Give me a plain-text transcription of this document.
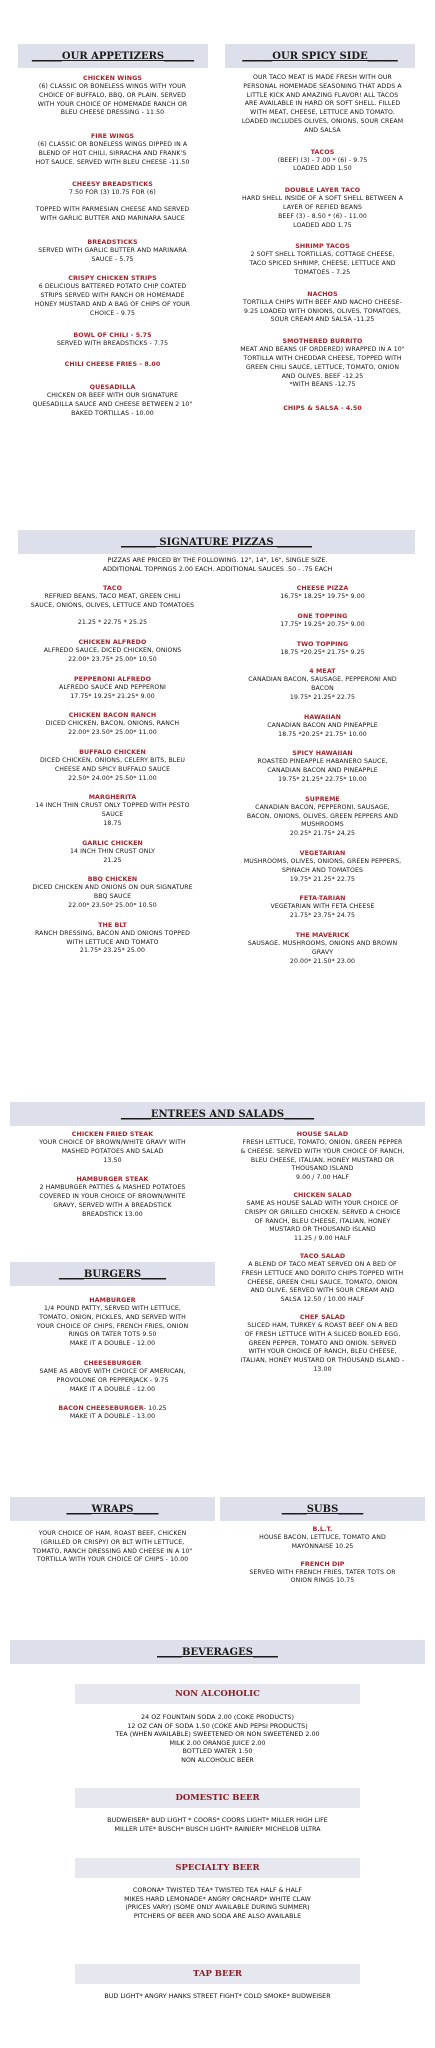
______OUR APPETIZERS______	______OUR SPICY SIDE______
CHICKEN WINGS
(6) CLASSIC OR BONELESS WINGS WITH YOUR
CHOICE OF BUFFALO, BBQ, OR PLAIN. SERVED
WITH YOUR CHOICE OF HOMEMADE RANCH OR
BLEU CHEESE DRESSING - 11.50
FIRE WINGS
(6) CLASSIC OR BONELESS WINGS DIPPED IN A
BLEND OF HOT CHILI, SIRRACHA AND FRANK'S
HOT SAUCE. SERVED WITH BLEU CHEESE -11.50
CHEESY BREADSTICKS
7.50 FOR (3) 10.75 FOR (6)

TOPPED WITH PARMESIAN CHEESE AND SERVED
WITH GARLIC BUTTER AND MARINARA SAUCE
BREADSTICKS
SERVED WITH GARLIC BUTTER AND MARINARA
SAUCE - 5.75
CRISPY CHICKEN STRIPS
6 DELICIOUS BATTERED POTATO CHIP COATED
STRIPS SERVED WITH RANCH OR HOMEMADE
HONEY MUSTARD AND A BAG OF CHIPS OF YOUR
CHOICE - 9.75
BOWL OF CHILI - 5.75
SERVED WITH BREADSTICKS - 7.75
CHILI CHEESE FRIES - 8.00
QUESADILLA
CHICKEN OR BEEF WITH OUR SIGNATURE
QUESADILLA SAUCE AND CHEESE BETWEEN 2 10"
BAKED TORTILLAS - 10.00
OUR TACO MEAT IS MADE FRESH WITH OUR
PERSONAL HOMEMADE SEASONING THAT ADDS A
LITTLE KICK AND AMAZING FLAVOR! ALL TACOS
ARE AVAILABLE IN HARD OR SOFT SHELL. FILLED
WITH MEAT, CHEESE, LETTUCE AND TOMATO.
LOADED INCLUDES OLIVES, ONIONS, SOUR CREAM
AND SALSA
TACOS
(BEEF) (3) - 7.00 * (6) - 9.75
LOADED ADD 1.50
DOUBLE LAYER TACO
HARD SHELL INSIDE OF A SOFT SHELL BETWEEN A
LAYER OF REFIED BEANS
BEEF (3) - 8.50 * (6) - 11.00
LOADED ADD 1.75
SHRIMP TACOS
2 SOFT SHELL TORTILLAS, COTTAGE CHEESE,
TACO SPICED SHRIMP, CHEESE, LETTUCE AND
TOMATOES - 7.25
NACHOS
TORTILLA CHIPS WITH BEEF AND NACHO CHEESE-
9.25 LOADED WITH ONIONS, OLIVES, TOMATOES,
SOUR CREAM AND SALSA -11.25
SMOTHERED BURRITO
MEAT AND BEANS (IF ORDERED) WRAPPED IN A 10"
TORTILLA WITH CHEDDAR CHEESE, TOPPED WITH
GREEN CHILI SAUCE, LETTUCE, TOMATO, ONION
AND OLIVES. BEEF -12.25
*WITH BEANS -12.75
CHIPS & SALSA - 4.50
_______ SIGNATURE PIZZAS _______
PIZZAS ARE PRICED BY THE FOLLOWING. 12", 14", 16", SINGLE SIZE.
ADDITIONAL TOPPINGS 2.00 EACH. ADDITIONAL SAUCES .50 - .75 EACH
TACO
REFRIED BEANS, TACO MEAT, GREEN CHILI
SAUCE, ONIONS, OLIVES, LETTUCE AND TOMATOES

21.25 * 22.75 * 25.25
CHICKEN ALFREDO
ALFREDO SAUCE, DICED CHICKEN, ONIONS
22.00* 23.75* 25.00* 10.50
PEPPERONI ALFREDO
ALFREDO SAUCE AND PEPPERONI
17.75* 19.25* 21.25* 9.00
CHICKEN BACON RANCH
DICED CHICKEN, BACON, ONIONS, RANCH
22.00* 23.50* 25.00* 11.00
BUFFALO CHICKEN
DICED CHICKEN, ONIONS, CELERY BITS, BLEU
CHEESE AND SPICY BUFFALO SAUCE
22.50* 24.00* 25.50* 11.00
MARGHERITA
14 INCH THIN CRUST ONLY TOPPED WITH PESTO
SAUCE
18.75
GARLIC CHICKEN
14 INCH THIN CRUST ONLY
21.25
BBQ CHICKEN
DICED CHICKEN AND ONIONS ON OUR SIGNATURE
BBQ SAUCE
22.00* 23.50* 25.00* 10.50
THE BLT
RANCH DRESSING, BACON AND ONIONS TOPPED
WITH LETTUCE AND TOMATO
21.75* 23.25* 25.00
CHEESE PIZZA
16.75* 18.25* 19.75* 9.00
ONE TOPPING
17.75* 19.25* 20.75* 9.00
TWO TOPPING
18.75 *20.25* 21.75* 9.25
4 MEAT
CANADIAN BACON, SAUSAGE, PEPPERONI AND
BACON
19.75* 21.25* 22.75
HAWAIIAN
CANADIAN BACON AND PINEAPPLE
18.75 *20.25* 21.75* 10.00
SPICY HAWAIIAN
ROASTED PINEAPPLE HABANERO SAUCE,
CANADIAN BACON AND PINEAPPLE
19.75* 21.25* 22.75* 10.00
SUPREME
CANADIAN BACON, PEPPERONI, SAUSAGE,
BACON, ONIONS, OLIVES, GREEN PEPPERS AND
MUSHROOMS
20.25* 21.75* 24.25
VEGETARIAN
MUSHROOMS, OLIVES, ONIONS, GREEN PEPPERS,
SPINACH AND TOMATOES
19.75* 21.25* 22.75
FETA-TARIAN
VEGETARIAN WITH FETA CHEESE
21.75* 23.75* 24.75
THE MAVERICK
SAUSAGE, MUSHROOMS, ONIONS AND BROWN
GRAVY
20.00* 21.50* 23.00
______ENTREES AND SALADS______
CHICKEN FRIED STEAK
YOUR CHOICE OF BROWN/WHITE GRAVY WITH
MASHED POTATOES AND SALAD
13.50
HAMBURGER STEAK
2 HAMBURGER PATTIES & MASHED POTATOES
COVERED IN YOUR CHOICE OF BROWN/WHITE
GRAVY, SERVED WITH A BREADSTICK
BREADSTICK 13.00
_____BURGERS_____
HAMBURGER
1/4 POUND PATTY, SERVED WITH LETTUCE,
TOMATO, ONION, PICKLES, AND SERVED WITH
YOUR CHOICE OF CHIPS, FRENCH FRIES, ONION
RINGS OR TATER TOTS 9.50
MAKE IT A DOUBLE - 12.00
CHEESEBURGER
SAME AS ABOVE WITH CHOICE OF AMERICAN,
PROVOLONE OR PEPPERJACK - 9.75
MAKE IT A DOUBLE - 12.00
BACON CHEESEBURGER- 10.25
MAKE IT A DOUBLE - 13.00
HOUSE SALAD
FRESH LETTUCE, TOMATO, ONION, GREEN PEPPER
& CHEESE. SERVED WITH YOUR CHOICE OF RANCH,
BLEU CHEESE, ITALIAN, HONEY MUSTARD OR
THOUSAND ISLAND
9.00 / 7.00 HALF
CHICKEN SALAD
SAME AS HOUSE SALAD WITH YOUR CHOICE OF
CRISPY OR GRILLED CHICKEN. SERVED A CHOICE
OF RANCH, BLEU CHEESE, ITALIAN, HONEY
MUSTARD OR THOUSAND ISLAND
11.25 / 9.00 HALF
TACO SALAD
A BLEND OF TACO MEAT SERVED ON A BED OF
FRESH LETTUCE AND DORITO CHIPS TOPPED WITH
CHEESE, GREEN CHILI SAUCE, TOMATO, ONION
AND OLIVE, SERVED WITH SOUR CREAM AND
SALSA 12.50 / 10.00 HALF
CHEF SALAD
SLICED HAM, TURKEY & ROAST BEEF ON A BED
OF FRESH LETTUCE WITH A SLICED BOILED EGG,
GREEN PEPPER, TOMATO AND ONION. SERVED
WITH YOUR CHOICE OF RANCH, BLEU CHEESE,
ITALIAN, HONEY MUSTARD OR THOUSAND ISLAND -
13.00
_____WRAPS_____
YOUR CHOICE OF HAM, ROAST BEEF, CHICKEN
(GRILLED OR CRISPY) OR BLT WITH LETTUCE,
TOMATO, RANCH DRESSING AND CHEESE IN A 10"
TORTILLA WITH YOUR CHOICE OF CHIPS - 10.00
_____SUBS_____
B.L.T.
HOUSE BACON, LETTUCE, TOMATO AND
MAYONNAISE 10.25
FRENCH DIP
SERVED WITH FRENCH FRIES, TATER TOTS OR
ONION RINGS 10.75
_____BEVERAGES_____
NON ALCOHOLIC
24 OZ FOUNTAIN SODA 2.00 (COKE PRODUCTS)
12 OZ CAN OF SODA 1.50 (COKE AND PEPSI PRODUCTS)
TEA (WHEN AVAILABLE) SWEETENED OR NON SWEETENED 2.00
MILK 2.00 ORANGE JUICE 2.00
BOTTLED WATER 1.50
NON ALCOHOLIC BEER
DOMESTIC BEER
BUDWEISER* BUD LIGHT * COORS* COORS LIGHT* MILLER HIGH LIFE
MILLER LITE* BUSCH* BUSCH LIGHT* RAINIER* MICHELOB ULTRA
SPECIALTY BEER
CORONA* TWISTED TEA* TWISTED TEA HALF & HALF
MIKES HARD LEMONADE* ANGRY ORCHARD* WHITE CLAW
(PRICES VARY) (SOME ONLY AVAILABLE DURING SUMMER)
PITCHERS OF BEER AND SODA ARE ALSO AVAILABLE
TAP BEER
BUD LIGHT* ANGRY HANKS STREET FIGHT* COLD SMOKE* BUDWEISER
